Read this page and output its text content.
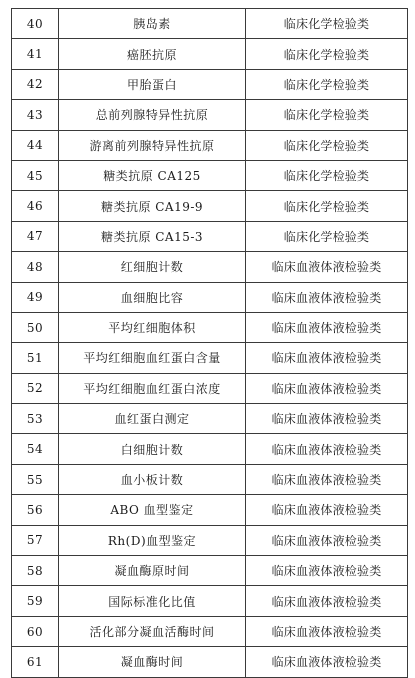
40	胰岛素	临床化学检验类
41	癌胚抗原	临床化学检验类
42	甲胎蛋白	临床化学检验类
43	总前列腺特异性抗原	临床化学检验类
44	游离前列腺特异性抗原	临床化学检验类
45	糖类抗原 CA125	临床化学检验类
46	糖类抗原 CA19-9	临床化学检验类
47	糖类抗原 CA15-3	临床化学检验类
48	红细胞计数	临床血液体液检验类
49	血细胞比容	临床血液体液检验类
50	平均红细胞体积	临床血液体液检验类
51	平均红细胞血红蛋白含量	临床血液体液检验类
52	平均红细胞血红蛋白浓度	临床血液体液检验类
53	血红蛋白测定	临床血液体液检验类
54	白细胞计数	临床血液体液检验类
55	血小板计数	临床血液体液检验类
56	ABO 血型鉴定	临床血液体液检验类
57	Rh(D)血型鉴定	临床血液体液检验类
58	凝血酶原时间	临床血液体液检验类
59	国际标准化比值	临床血液体液检验类
60	活化部分凝血活酶时间	临床血液体液检验类
61	凝血酶时间	临床血液体液检验类
